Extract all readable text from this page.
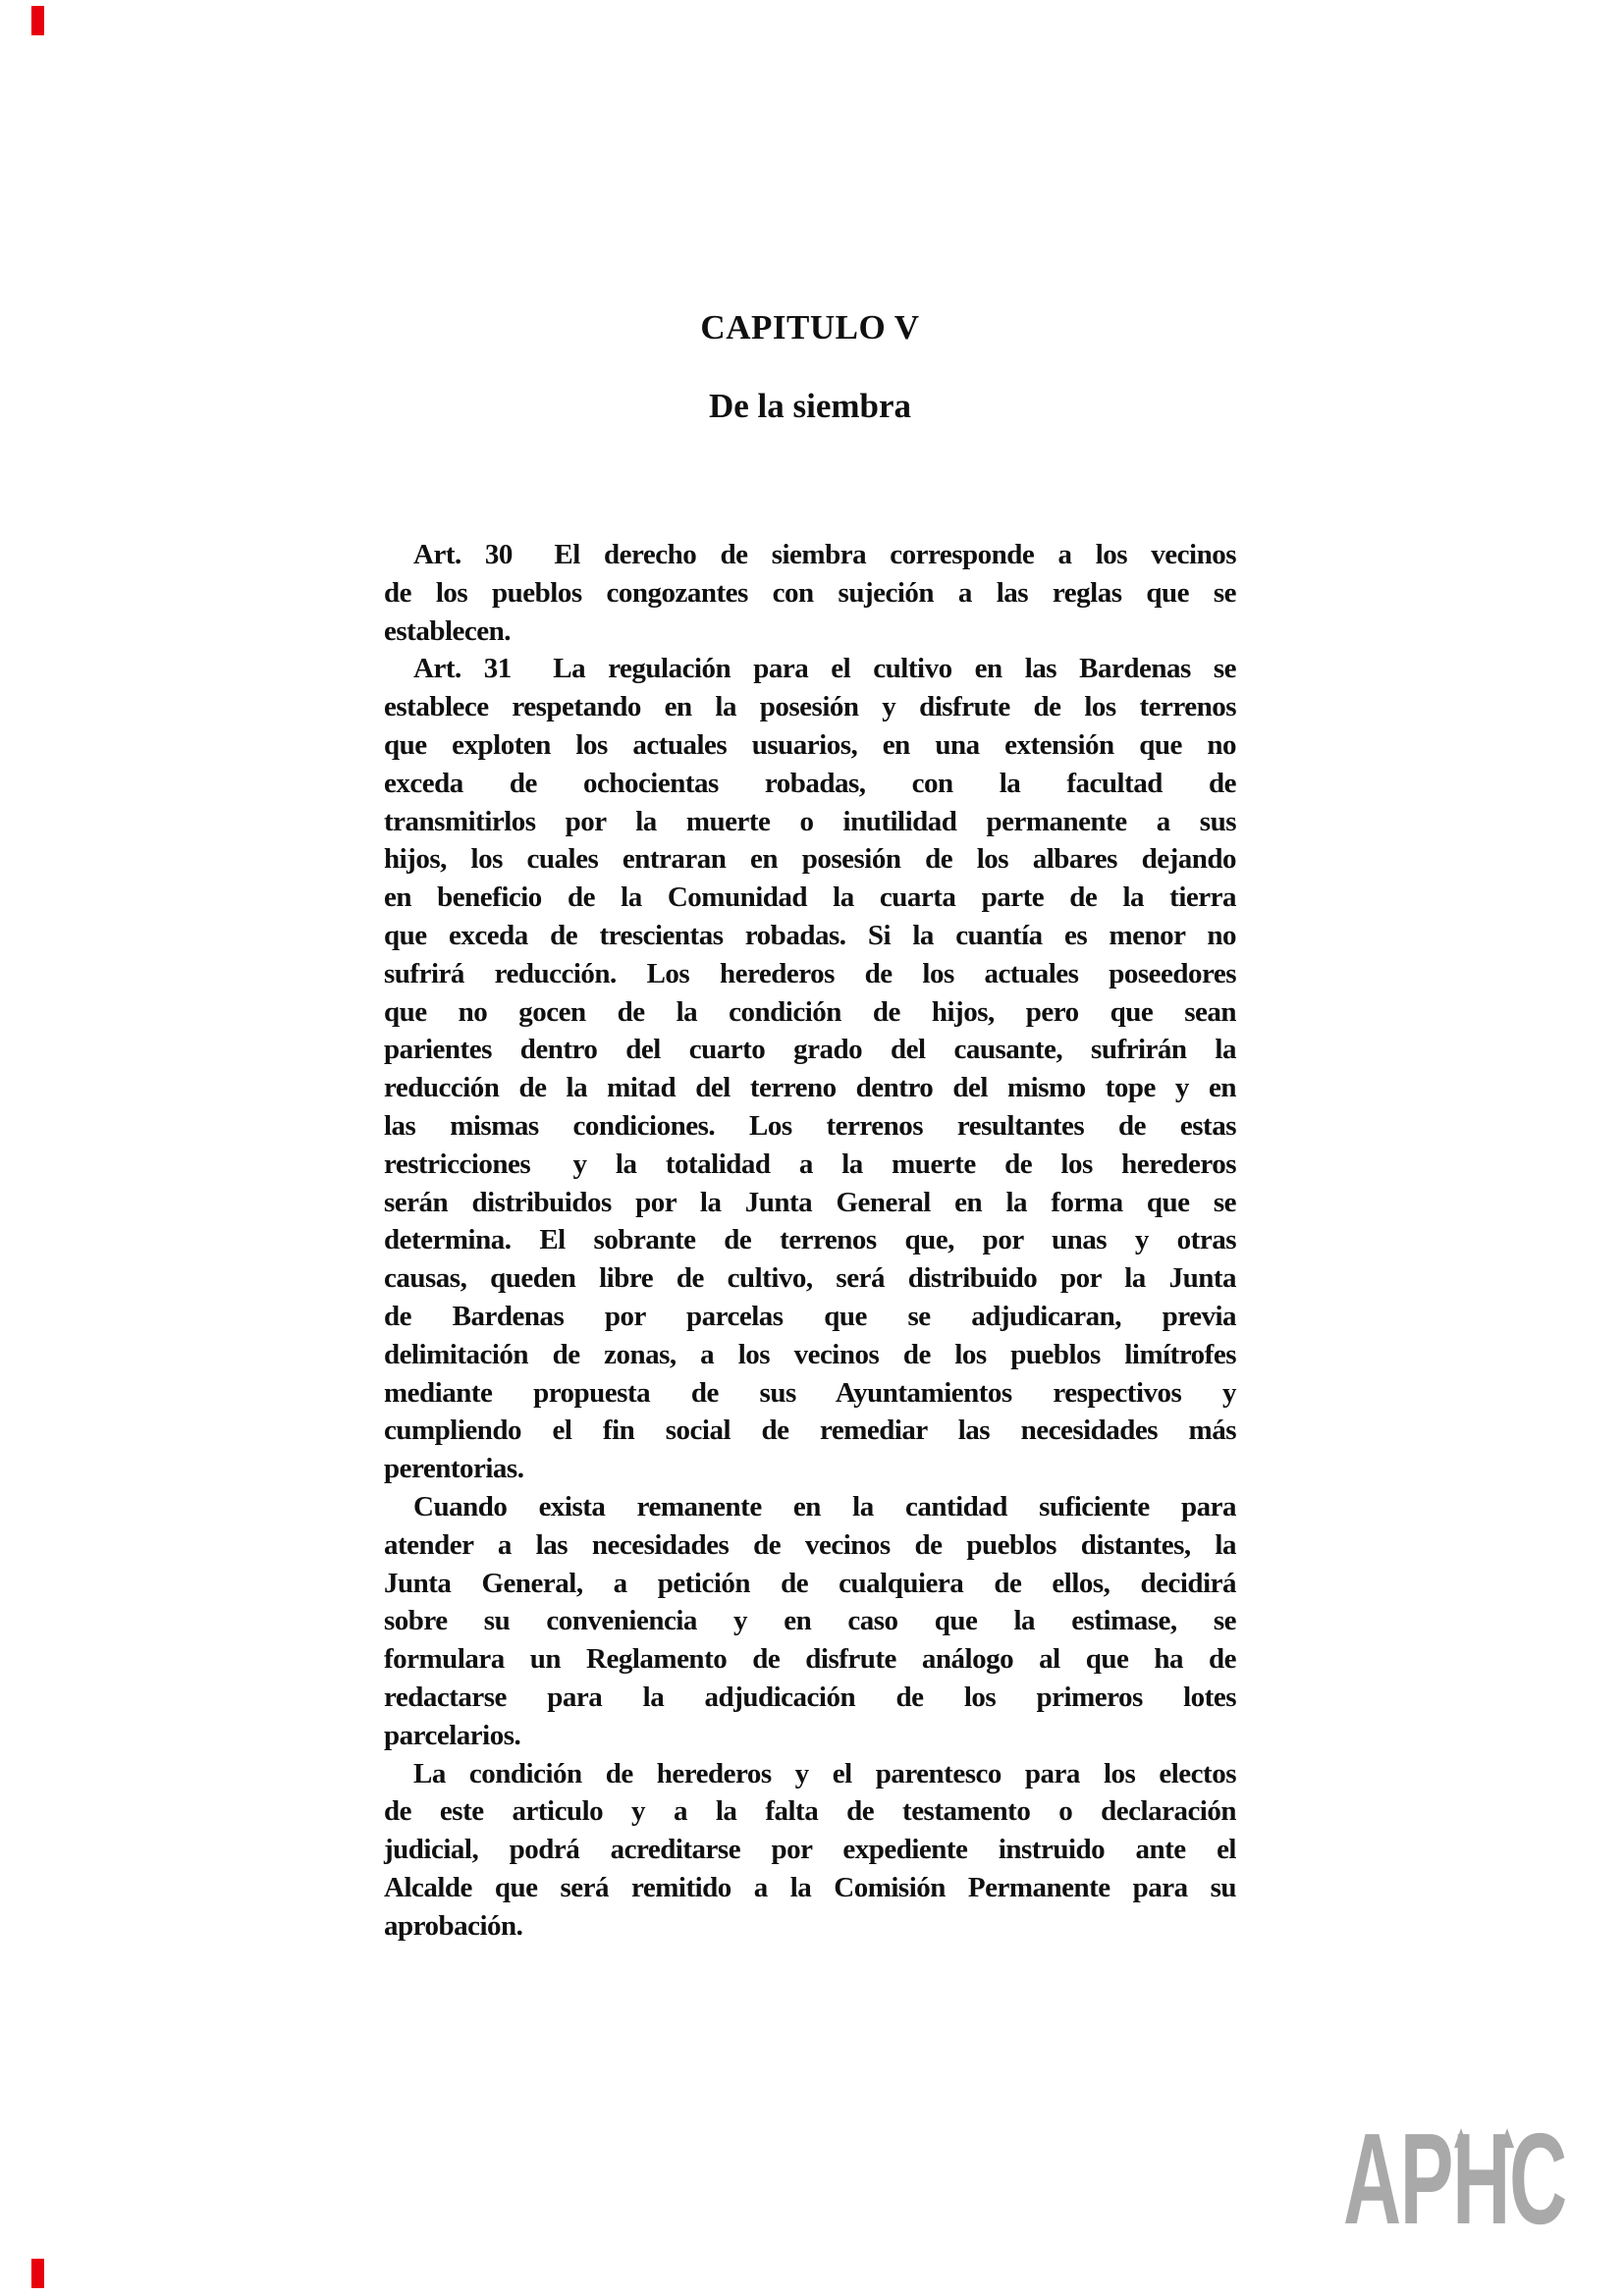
CAPITULO V
De la siembra
Art. 30  El derecho de siembra corresponde a los vecinos
de los pueblos congozantes con sujeción a las reglas que se
establecen.
Art. 31  La regulación para el cultivo en las Bardenas se
establece respetando en la posesión y disfrute de los terrenos
que exploten los actuales usuarios, en una extensión que no
exceda de ochocientas robadas, con la facultad de
transmitirlos por la muerte o inutilidad permanente a sus
hijos, los cuales entraran en posesión de los albares dejando
en beneficio de la Comunidad la cuarta parte de la tierra
que exceda de trescientas robadas. Si la cuantía es menor no
sufrirá reducción. Los herederos de los actuales poseedores
que no gocen de la condición de hijos, pero que sean
parientes dentro del cuarto grado del causante, sufrirán la
reducción de la mitad del terreno dentro del mismo tope y en
las mismas condiciones. Los terrenos resultantes de estas
restricciones  y la totalidad a la muerte de los herederos
serán distribuidos por la Junta General en la forma que se
determina. El sobrante de terrenos que, por unas y otras
causas, queden libre de cultivo, será distribuido por la Junta
de Bardenas por parcelas que se adjudicaran, previa
delimitación de zonas, a los vecinos de los pueblos limítrofes
mediante propuesta de sus Ayuntamientos respectivos y
cumpliendo el fin social de remediar las necesidades más
perentorias.
Cuando exista remanente en la cantidad suficiente para
atender a las necesidades de vecinos de pueblos distantes, la
Junta General, a petición de cualquiera de ellos, decidirá
sobre su conveniencia y en caso que la estimase, se
formulara un Reglamento de disfrute análogo al que ha de
redactarse para la adjudicación de los primeros lotes
parcelarios.
La condición de herederos y el parentesco para los electos
de este articulo y a la falta de testamento o declaración
judicial, podrá acreditarse por expediente instruido ante el
Alcalde que será remitido a la Comisión Permanente para su
aprobación.
APHC
